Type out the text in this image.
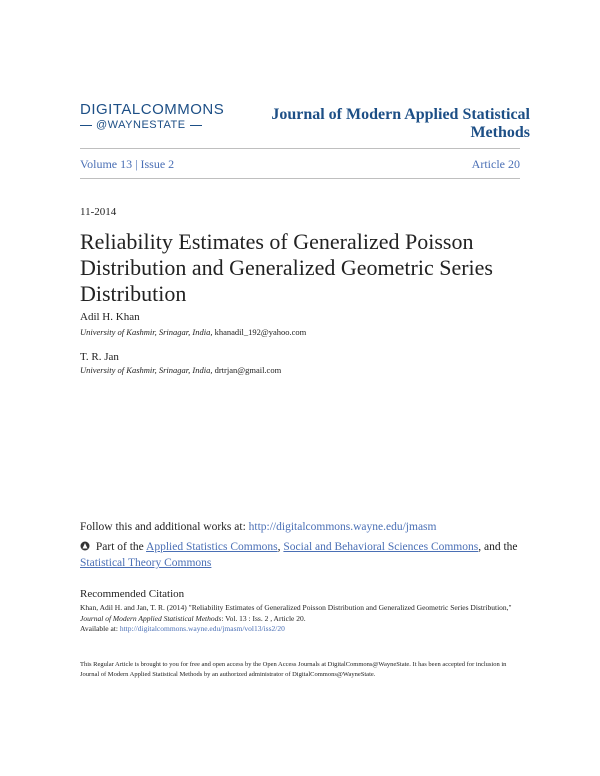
DIGITALCOMMONS
@WAYNESTATE
Journal of Modern Applied Statistical Methods
Volume 13 | Issue 2	Article 20
11-2014
Reliability Estimates of Generalized Poisson Distribution and Generalized Geometric Series Distribution
Adil H. Khan
University of Kashmir, Srinagar, India, khanadil_192@yahoo.com
T. R. Jan
University of Kashmir, Srinagar, India, drtrjan@gmail.com
Follow this and additional works at: http://digitalcommons.wayne.edu/jmasm
Part of the Applied Statistics Commons, Social and Behavioral Sciences Commons, and the Statistical Theory Commons
Recommended Citation
Khan, Adil H. and Jan, T. R. (2014) "Reliability Estimates of Generalized Poisson Distribution and Generalized Geometric Series Distribution," Journal of Modern Applied Statistical Methods: Vol. 13 : Iss. 2 , Article 20.
Available at: http://digitalcommons.wayne.edu/jmasm/vol13/iss2/20
This Regular Article is brought to you for free and open access by the Open Access Journals at DigitalCommons@WayneState. It has been accepted for inclusion in Journal of Modern Applied Statistical Methods by an authorized administrator of DigitalCommons@WayneState.
